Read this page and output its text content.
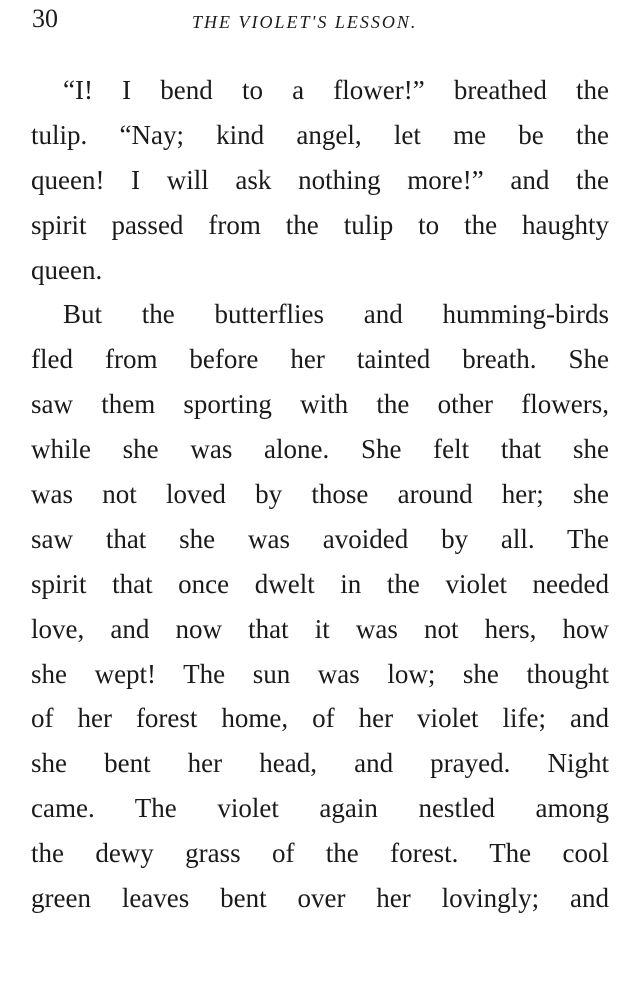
30	THE VIOLET'S LESSON.
“I! I bend to a flower!” breathed the
tulip. “Nay; kind angel, let me be the
queen! I will ask nothing more!” and the
spirit passed from the tulip to the haughty
queen.
But the butterflies and humming-birds
fled from before her tainted breath. She
saw them sporting with the other flowers,
while she was alone. She felt that she
was not loved by those around her; she
saw that she was avoided by all. The
spirit that once dwelt in the violet needed
love, and now that it was not hers, how
she wept! The sun was low; she thought
of her forest home, of her violet life; and
she bent her head, and prayed. Night
came. The violet again nestled among
the dewy grass of the forest. The cool
green leaves bent over her lovingly; and
